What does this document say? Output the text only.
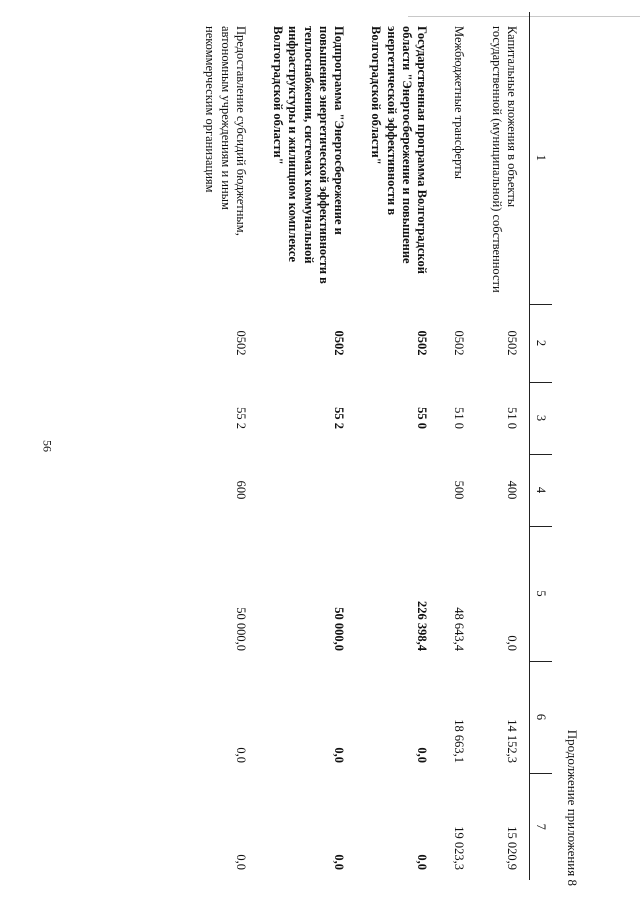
56
Продолжение приложения 8
1	2	3	4	5	6	7
Капитальные вложения в объекты государственной (муниципальной) собственности	0502	51 0	400	0,0	14 152,3	15 020,9
Межбюджетные трансферты	0502	51 0	500	48 643,4	18 663,1	19 023,3
Государственная программа Волгоградской области "Энергосбережение и повышение энергетической эффективности в Волгоградской области"	0502	55 0		226 398,4	0,0	0,0
Подпрограмма "Энергосбережение и повышение энергетической эффективности в теплоснабжении, системах коммунальной инфраструктуры и жилищном комплексе Волгоградской области"	0502	55 2		50 000,0	0,0	0,0
Предоставление субсидий бюджетным, автономным учреждениям и иным некоммерческим организациям	0502	55 2	600	50 000,0	0,0	0,0
